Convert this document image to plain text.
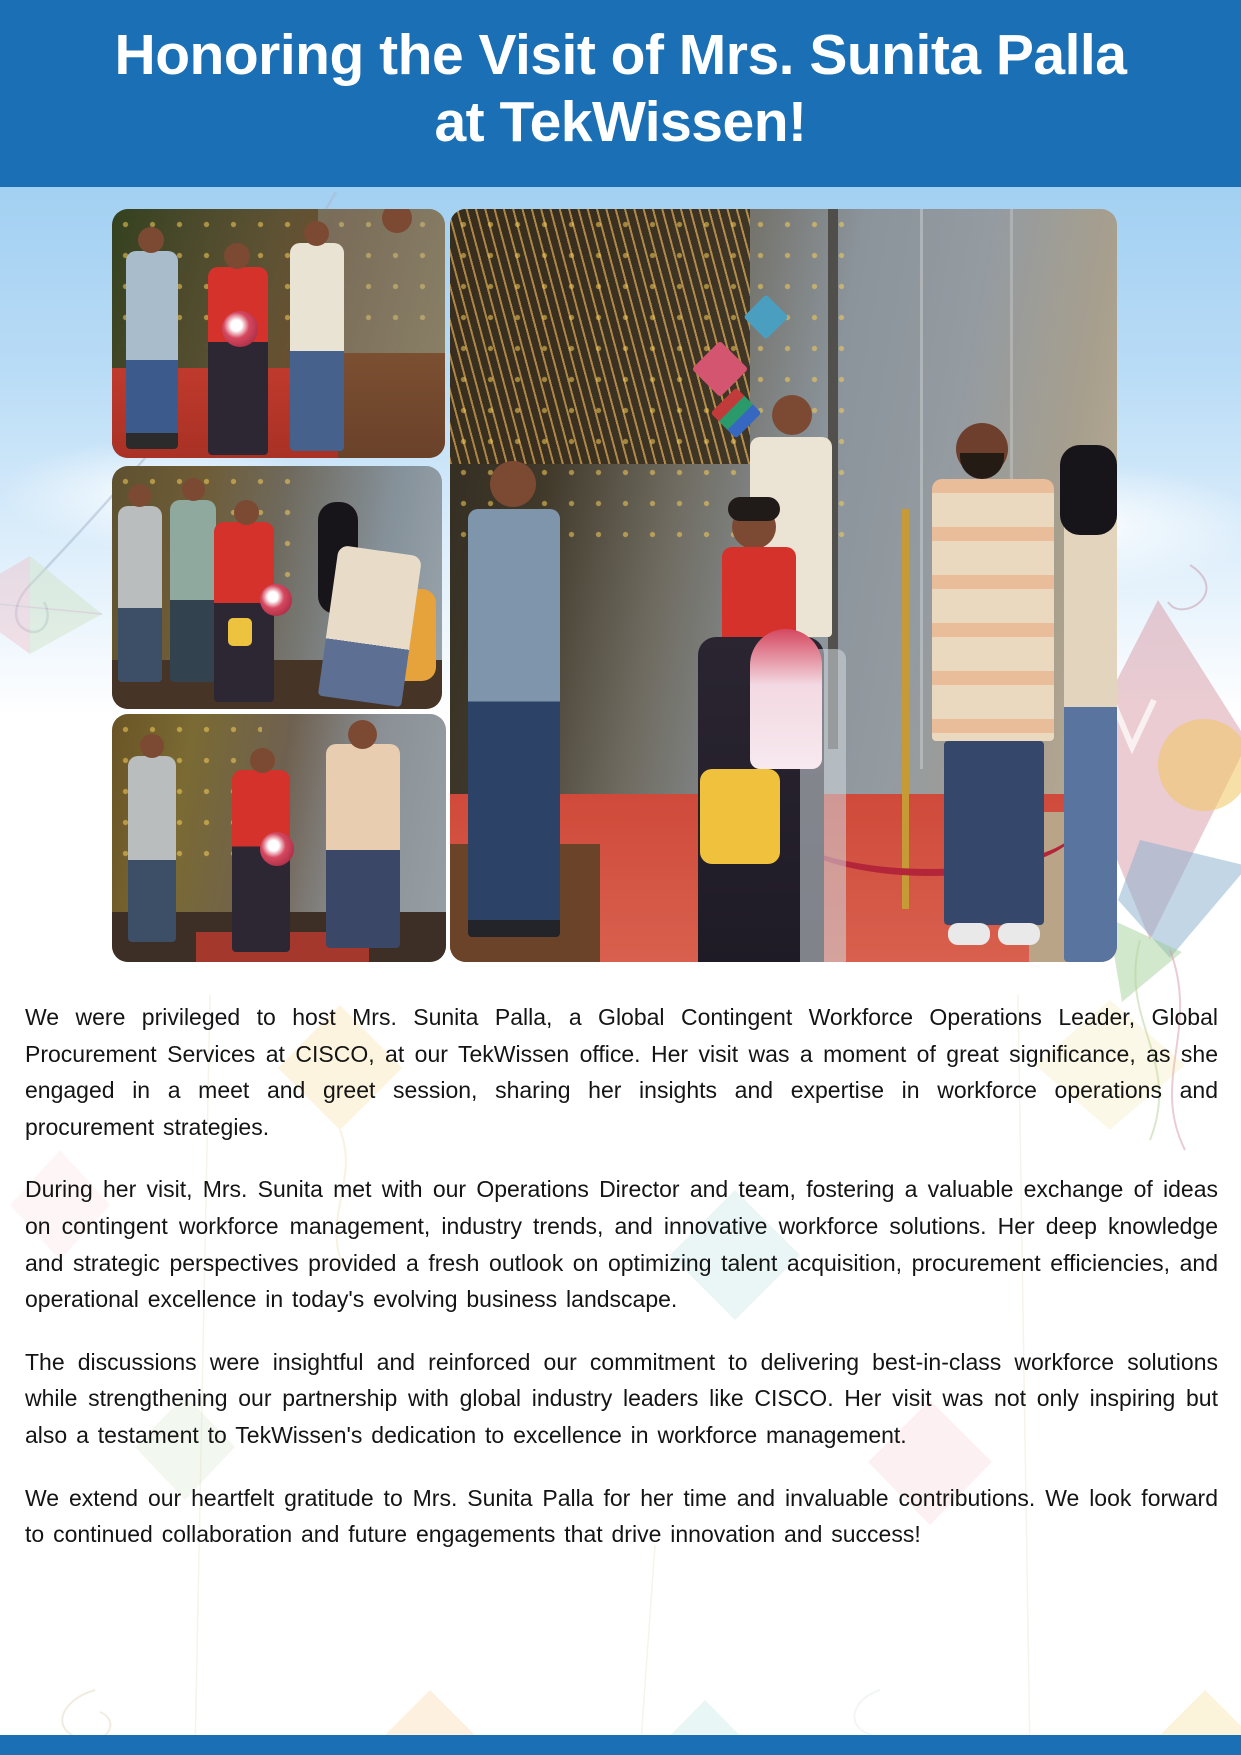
Honoring the Visit of Mrs. Sunita Palla
at TekWissen!

We were privileged to host Mrs. Sunita Palla, a Global Contingent Workforce Operations Leader, Global Procurement Services at CISCO, at our TekWissen office. Her visit was a moment of great significance, as she engaged in a meet and greet session, sharing her insights and expertise in workforce operations and procurement strategies.

During her visit, Mrs. Sunita met with our Operations Director and team, fostering a valuable exchange of ideas on contingent workforce management, industry trends, and innovative workforce solutions. Her deep knowledge and strategic perspectives provided a fresh outlook on optimizing talent acquisition, procurement efficiencies, and operational excellence in today's evolving business landscape.

The discussions were insightful and reinforced our commitment to delivering best-in-class workforce solutions while strengthening our partnership with global industry leaders like CISCO. Her visit was not only inspiring but also a testament to TekWissen's dedication to excellence in workforce management.

We extend our heartfelt gratitude to Mrs. Sunita Palla for her time and invaluable contributions. We look forward to continued collaboration and future engagements that drive innovation and success!
